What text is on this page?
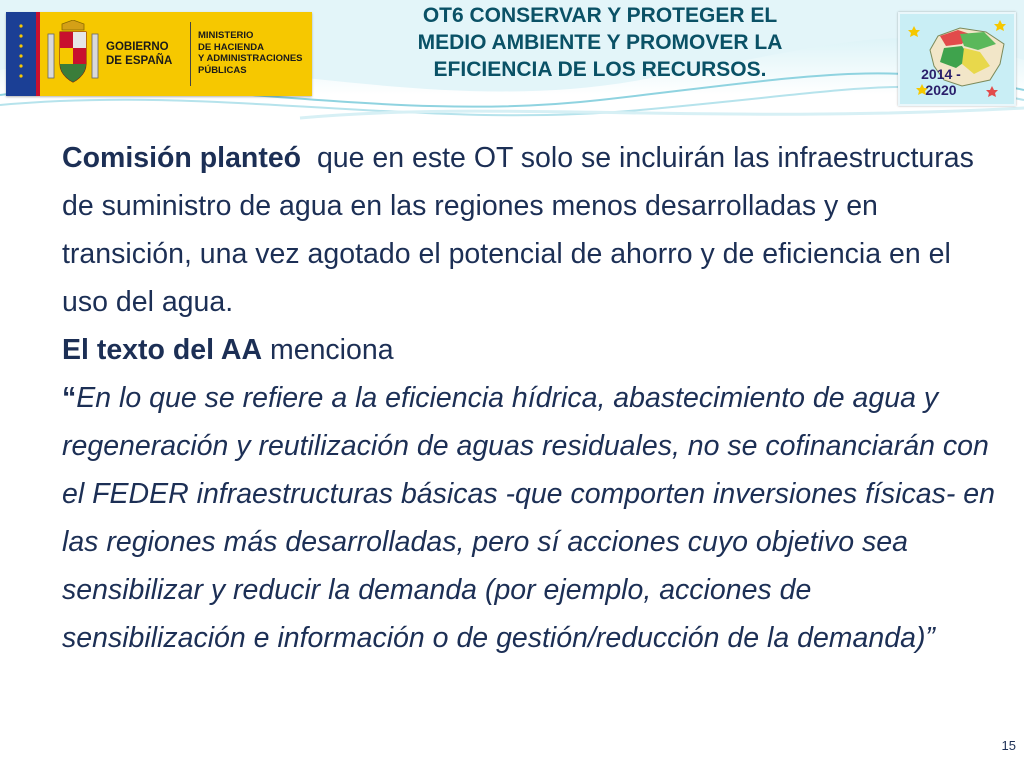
GOBIERNO
DE ESPAÑA
MINISTERIO
DE HACIENDA
Y ADMINISTRACIONES
PÚBLICAS
OT6 CONSERVAR Y PROTEGER EL
MEDIO AMBIENTE Y PROMOVER LA
EFICIENCIA DE LOS RECURSOS.	2014 - 2020

Comisión planteó que en este OT solo se incluirán las infraestructuras de suministro de agua en las regiones menos desarrolladas y en transición, una vez agotado el potencial de ahorro y de eficiencia en el uso del agua.

El texto del AA menciona

“En lo que se refiere a la eficiencia hídrica, abastecimiento de agua y regeneración y reutilización de aguas residuales, no se cofinanciarán con el FEDER infraestructuras básicas -que comporten inversiones físicas- en las regiones más desarrolladas, pero sí acciones cuyo objetivo sea sensibilizar y reducir la demanda (por ejemplo, acciones de sensibilización e información o de gestión/reducción de la demanda)”

15
